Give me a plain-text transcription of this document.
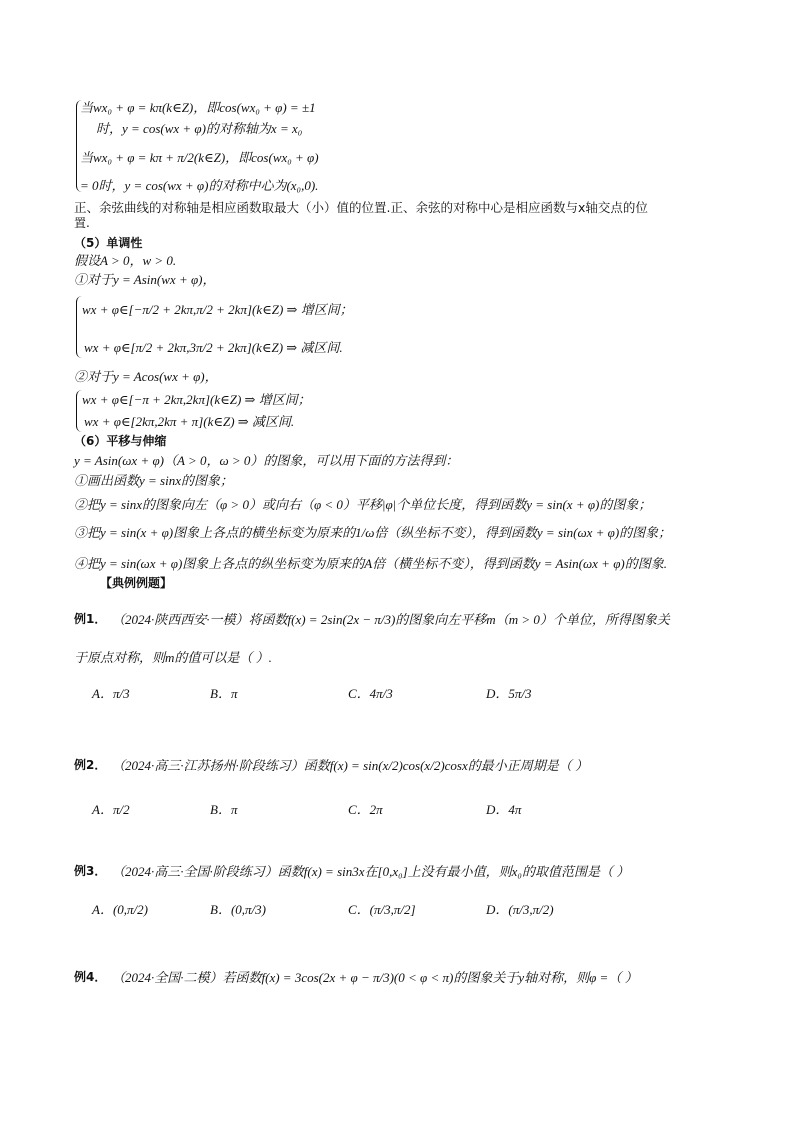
当wx₀ + φ = kπ(k∈Z)，即cos(wx₀ + φ) = ±1
时，y = cos(wx + φ)的对称轴为x = x₀
当wx₀ + φ = kπ + π/2(k∈Z)，即cos(wx₀ + φ)
= 0时，y = cos(wx + φ)的对称中心为(x₀,0).
正、余弦曲线的对称轴是相应函数取最大（小）值的位置.正、余弦的对称中心是相应函数与x轴交点的位
置.
（5）单调性
假设A > 0，w > 0.
①对于y = Asin(wx + φ)，
wx + φ∈[−π/2 + 2kπ,π/2 + 2kπ](k∈Z) ⇒ 增区间；
wx + φ∈[π/2 + 2kπ,3π/2 + 2kπ](k∈Z) ⇒ 减区间.
②对于y = Acos(wx + φ)，
wx + φ∈[−π + 2kπ,2kπ](k∈Z) ⇒ 增区间；
wx + φ∈[2kπ,2kπ + π](k∈Z) ⇒ 减区间.
（6）平移与伸缩
y = Asin(ωx + φ)（A > 0，ω > 0）的图象，可以用下面的方法得到：
①画出函数y = sinx的图象；
②把y = sinx的图象向左（φ > 0）或向右（φ < 0）平移|φ|个单位长度，得到函数y = sin(x + φ)的图象；
③把y = sin(x + φ)图象上各点的横坐标变为原来的1/ω倍（纵坐标不变），得到函数y = sin(ωx + φ)的图象；
④把y = sin(ωx + φ)图象上各点的纵坐标变为原来的A倍（横坐标不变），得到函数y = Asin(ωx + φ)的图象.
【典例例题】
例1． （2024·陕西西安·一模）将函数f(x) = 2sin(2x − π/3)的图象向左平移m（m > 0）个单位，所得图象关
于原点对称，则m的值可以是（ ）.
A．π/3	B．π	C．4π/3	D．5π/3
例2． （2024·高三·江苏扬州·阶段练习）函数f(x) = sin(x/2)cos(x/2)cosx的最小正周期是（ ）
A．π/2	B．π	C．2π	D．4π
例3． （2024·高三·全国·阶段练习）函数f(x) = sin3x在[0,x₀]上没有最小值，则x₀的取值范围是（ ）
A．(0,π/2)	B．(0,π/3)	C．(π/3,π/2]	D．(π/3,π/2)
例4． （2024·全国·二模）若函数f(x) = 3cos(2x + φ − π/3)(0 < φ < π)的图象关于y轴对称，则φ =（ ）
